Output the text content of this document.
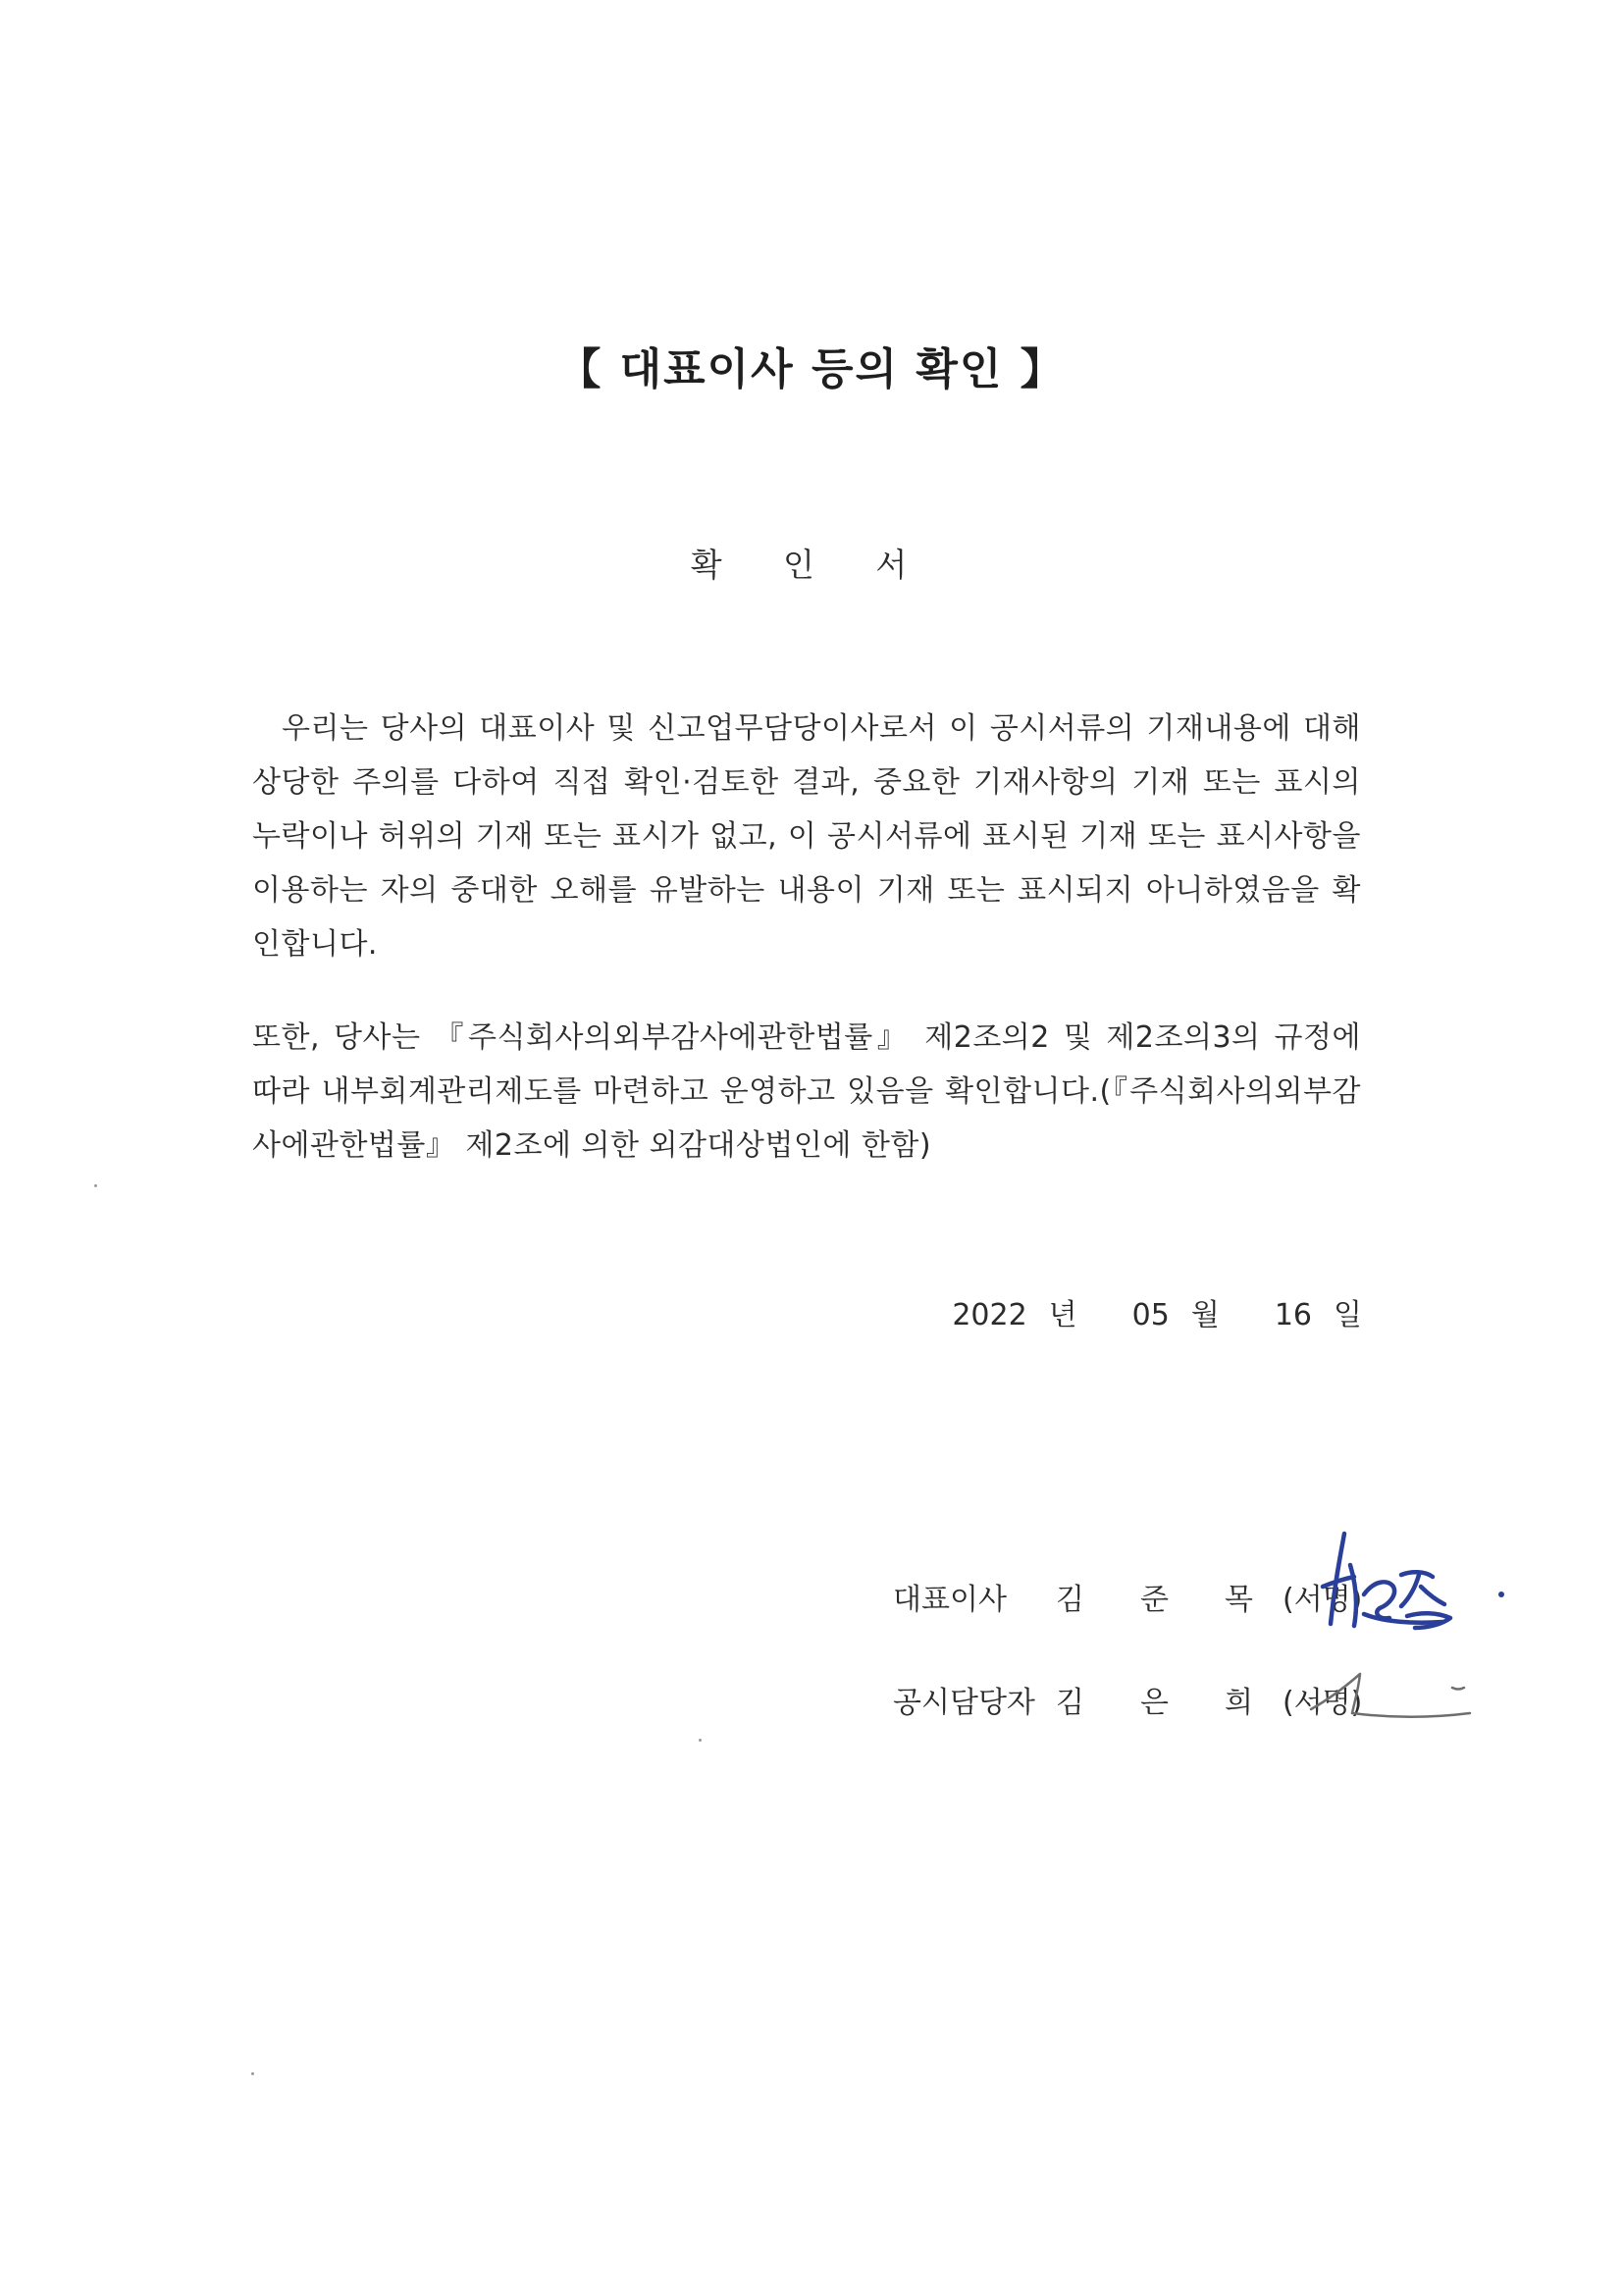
【 대표이사 등의 확인 】
확 인 서
우리는 당사의 대표이사 및 신고업무담당이사로서 이 공시서류의 기재내용에 대해 상당한 주의를 다하여 직접 확인·검토한 결과, 중요한 기재사항의 기재 또는 표시의 누락이나 허위의 기재 또는 표시가 없고, 이 공시서류에 표시된 기재 또는 표시사항을 이용하는 자의 중대한 오해를 유발하는 내용이 기재 또는 표시되지 아니하였음을 확인합니다.
또한, 당사는 『주식회사의외부감사에관한법률』 제2조의2 및 제2조의3의 규정에 따라 내부회계관리제도를 마련하고 운영하고 있음을 확인합니다.(『주식회사의외부감사에관한법률』 제2조에 의한 외감대상법인에 한함)
2022 년 05 월 16 일
대표이사 김 준 목 (서명)
공시담당자 김 은 희 (서명)
